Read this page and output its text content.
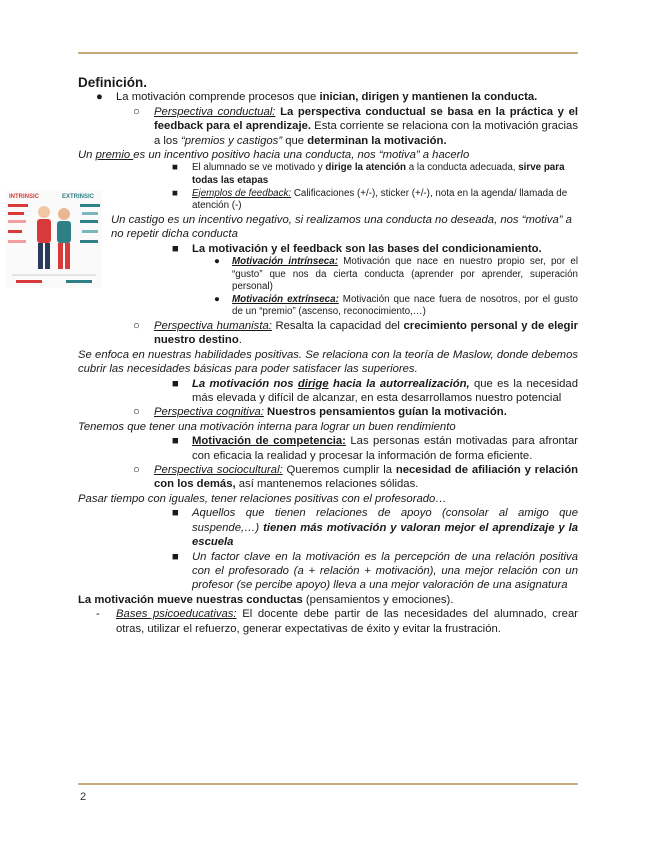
INTRINSIC	EXTRINSIC

Definición.

● La motivación comprende procesos que inician, dirigen y mantienen la conducta.

○ Perspectiva conductual: La perspectiva conductual se basa en la práctica y el feedback para el aprendizaje. Esta corriente se relaciona con la motivación gracias a los “premios y castigos” que determinan la motivación.

Un premio es un incentivo positivo hacia una conducta, nos “motiva” a hacerlo

■ El alumnado se ve motivado y dirige la atención a la conducta adecuada, sirve para todas las etapas

■ Ejemplos de feedback: Calificaciones (+/-), sticker (+/-), nota en la agenda/ llamada de atención (-)

Un castigo es un incentivo negativo, si realizamos una conducta no deseada, nos “motiva” a no repetir dicha conducta

■ La motivación y el feedback son las bases del condicionamiento.

● Motivación intrínseca: Motivación que nace en nuestro propio ser, por el “gusto” que nos da cierta conducta (aprender por aprender, superación personal)

● Motivación extrínseca: Motivación que nace fuera de nosotros, por el gusto de un “premio” (ascenso, reconocimiento,…)

○ Perspectiva humanista: Resalta la capacidad del crecimiento personal y de elegir nuestro destino.

Se enfoca en nuestras habilidades positivas. Se relaciona con la teoría de Maslow, donde debemos cubrir las necesidades básicas para poder satisfacer las superiores.

■ La motivación nos dirige hacia la autorrealización, que es la necesidad más elevada y difícil de alcanzar, en esta desarrollamos nuestro potencial

○ Perspectiva cognitiva: Nuestros pensamientos guían la motivación.

Tenemos que tener una motivación interna para lograr un buen rendimiento

■ Motivación de competencia: Las personas están motivadas para afrontar con eficacia la realidad y procesar la información de forma eficiente.

○ Perspectiva sociocultural: Queremos cumplir la necesidad de afiliación y relación con los demás, así mantenemos relaciones sólidas.

Pasar tiempo con iguales, tener relaciones positivas con el profesorado…

■ Aquellos que tienen relaciones de apoyo (consolar al amigo que suspende,…) tienen más motivación y valoran mejor el aprendizaje y la escuela

■ Un factor clave en la motivación es la percepción de una relación positiva con el profesorado (a + relación + motivación), una mejor relación con un profesor (se percibe apoyo) lleva a una mejor valoración de una asignatura

La motivación mueve nuestras conductas (pensamientos y emociones).

- Bases psicoeducativas: El docente debe partir de las necesidades del alumnado, crear otras, utilizar el refuerzo, generar expectativas de éxito y evitar la frustración.

2
